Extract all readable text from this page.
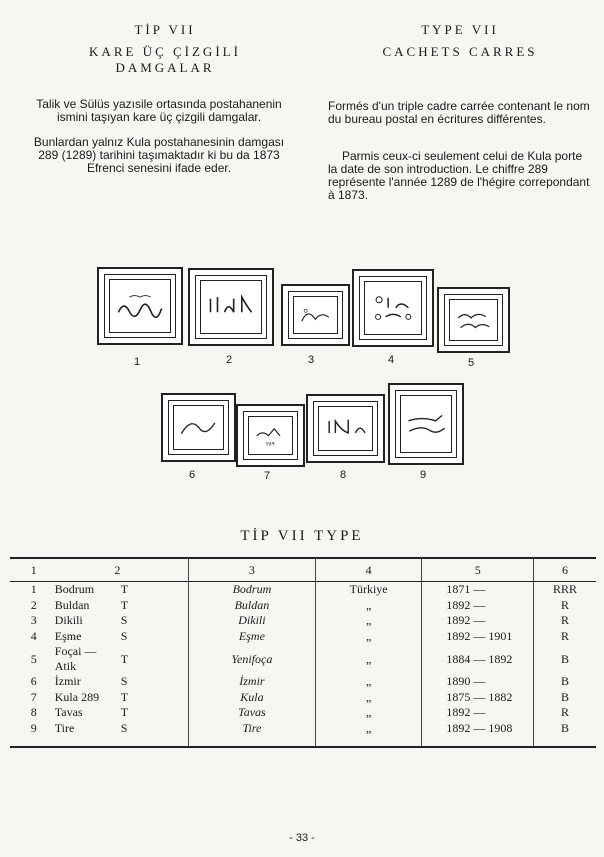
TİP VII
KARE ÜÇ ÇİZGİLİ DAMGALAR
TYPE VII
CACHETS CARRES
Talik ve Sülüs yazısile ortasında postahanenin ismini taşıyan kare üç çizgili damgalar.
Bunlardan yalnız Kula postahanesinin damgası 289 (1289) tarihini taşımaktadır ki bu da 1873 Efrenci senesini ifade eder.
Formés d'un triple cadre carrée contenant le nom du bureau postal en écritures différentes.
Parmis ceux-ci seulement celui de Kula porte la date de son introduction. Le chiffre 289 représente l'année 1289 de l'hégire correpondant à 1873.
1	2	3	4	5
٢٨٩
6	7	8	9
TİP VII TYPE
1	2		3	4	5	6
1	Bodrum	T	Bodrum	Türkiye	1871 —	RRR
2	Buldan	T	Buldan	„	1892 —	R
3	Dikili	S	Dikili	„	1892 —	R
4	Eşme	S	Eşme	„	1892 — 1901	R
5	Foçai — Atik	T	Yenifoça	„	1884 — 1892	B
6	İzmir	S	İzmir	„	1890 —	B
7	Kula 289	T	Kula	„	1875 — 1882	B
8	Tavas	T	Tavas	„	1892 —	R
9	Tire	S	Tire	„	1892 — 1908	B

- 33 -
